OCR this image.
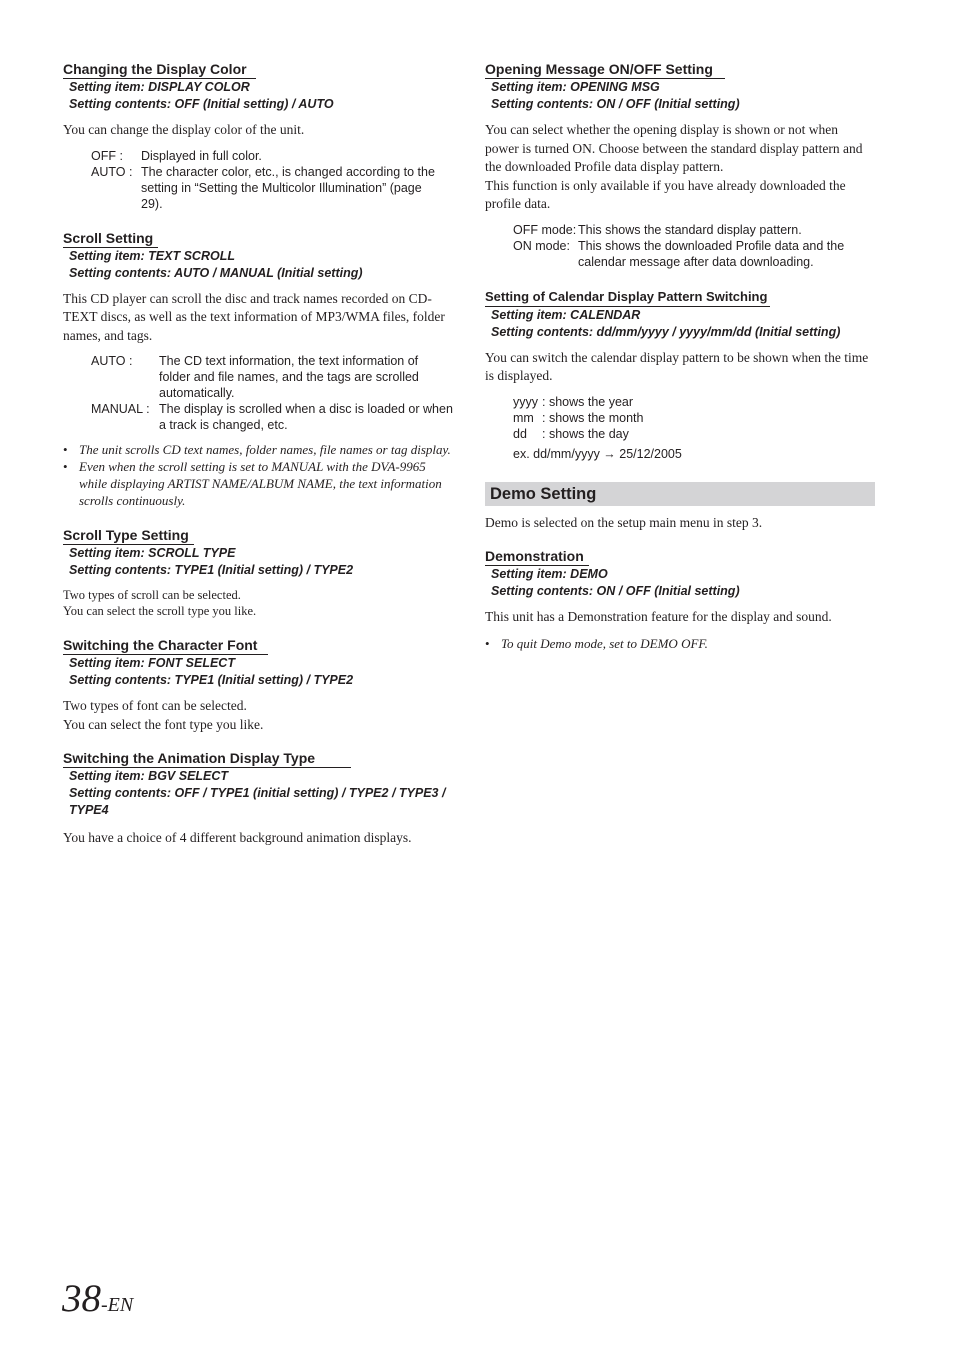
Changing the Display Color
Setting item: DISPLAY COLOR
Setting contents: OFF (Initial setting) / AUTO

You can change the display color of the unit.

OFF :	Displayed in full color.
AUTO : The character color, etc., is changed according to the setting in “Setting the Multicolor Illumination” (page 29).
Scroll Setting
Setting item: TEXT SCROLL
Setting contents: AUTO / MANUAL (Initial setting)

This CD player can scroll the disc and track names recorded on CD-TEXT discs, as well as the text information of MP3/WMA files, folder names, and tags.

AUTO :	The CD text information, the text information of folder and file names, and the tags are scrolled automatically.
MANUAL : The display is scrolled when a disc is loaded or when a track is changed, etc.
• The unit scrolls CD text names, folder names, file names or tag display.
• Even when the scroll setting is set to MANUAL with the DVA-9965 while displaying ARTIST NAME/ALBUM NAME, the text information scrolls continuously.
Scroll Type Setting
Setting item: SCROLL TYPE
Setting contents: TYPE1 (Initial setting) / TYPE2

Two types of scroll can be selected.

You can select the scroll type you like.

Switching the Character Font
Setting item: FONT SELECT
Setting contents: TYPE1 (Initial setting) / TYPE2

Two types of font can be selected.

You can select the font type you like.

Switching the Animation Display Type
Setting item: BGV SELECT
Setting contents: OFF / TYPE1 (initial setting) / TYPE2 / TYPE3 / TYPE4

You have a choice of 4 different background animation displays.

Opening Message ON/OFF Setting
Setting item: OPENING MSG
Setting contents: ON / OFF (Initial setting)

You can select whether the opening display is shown or not when power is turned ON. Choose between the standard display pattern and the downloaded Profile data display pattern.

This function is only available if you have already downloaded the profile data.

OFF mode: This shows the standard display pattern.
ON mode: This shows the downloaded Profile data and the calendar message after data downloading.
Setting of Calendar Display Pattern Switching
Setting item: CALENDAR
Setting contents: dd/mm/yyyy / yyyy/mm/dd (Initial setting)

You can switch the calendar display pattern to be shown when the time is displayed.

yyyy : shows the year
mm : shows the month
dd	: shows the day
ex. dd/mm/yyyy → 25/12/2005
Demo Setting

Demo is selected on the setup main menu in step 3.

Demonstration
Setting item: DEMO
Setting contents: ON / OFF (Initial setting)

This unit has a Demonstration feature for the display and sound.

• To quit Demo mode, set to DEMO OFF.
38-EN
